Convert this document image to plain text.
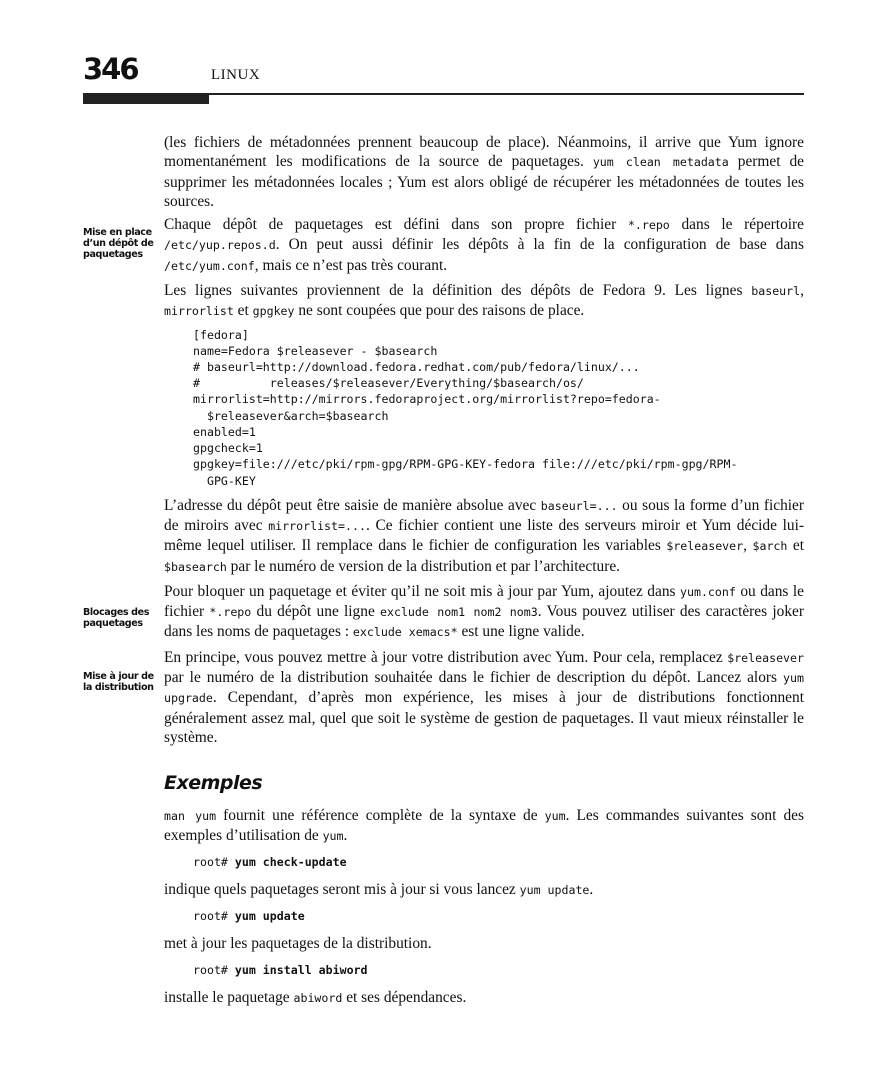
346	LINUX
Mise en place d’un dépôt de paquetages
Blocages des paquetages
Mise à jour de la distribution

(les fichiers de métadonnées prennent beaucoup de place). Néanmoins, il arrive que Yum ignore momentanément les modifications de la source de paquetages. yum clean metadata permet de supprimer les métadonnées locales ; Yum est alors obligé de récupérer les métadonnées de toutes les sources.

Chaque dépôt de paquetages est défini dans son propre fichier *.repo dans le répertoire /etc/yup.repos.d. On peut aussi définir les dépôts à la fin de la configuration de base dans /etc/yum.conf, mais ce n’est pas très courant.

Les lignes suivantes proviennent de la définition des dépôts de Fedora 9. Les lignes baseurl, mirrorlist et gpgkey ne sont coupées que pour des raisons de place.

[fedora]
name=Fedora $releasever - $basearch
# baseurl=http://download.fedora.redhat.com/pub/fedora/linux/...
#          releases/$releasever/Everything/$basearch/os/
mirrorlist=http://mirrors.fedoraproject.org/mirrorlist?repo=fedora-
$releasever&arch=$basearch
enabled=1
gpgcheck=1
gpgkey=file:///etc/pki/rpm-gpg/RPM-GPG-KEY-fedora file:///etc/pki/rpm-gpg/RPM-
GPG-KEY

L’adresse du dépôt peut être saisie de manière absolue avec baseurl=... ou sous la forme d’un fichier de miroirs avec mirrorlist=.... Ce fichier contient une liste des serveurs miroir et Yum décide lui-même lequel utiliser. Il remplace dans le fichier de configuration les variables $releasever, $arch et $basearch par le numéro de version de la distribution et par l’architecture.

Pour bloquer un paquetage et éviter qu’il ne soit mis à jour par Yum, ajoutez dans yum.conf ou dans le fichier *.repo du dépôt une ligne exclude nom1 nom2 nom3. Vous pouvez utiliser des caractères joker dans les noms de paquetages : exclude xemacs* est une ligne valide.

En principe, vous pouvez mettre à jour votre distribution avec Yum. Pour cela, remplacez $releasever par le numéro de la distribution souhaitée dans le fichier de description du dépôt. Lancez alors yum upgrade. Cependant, d’après mon expérience, les mises à jour de distributions fonctionnent généralement assez mal, quel que soit le système de gestion de paquetages. Il vaut mieux réinstaller le système.

Exemples

man yum fournit une référence complète de la syntaxe de yum. Les commandes suivantes sont des exemples d’utilisation de yum.

root# yum check-update

indique quels paquetages seront mis à jour si vous lancez yum update.

root# yum update

met à jour les paquetages de la distribution.

root# yum install abiword

installe le paquetage abiword et ses dépendances.
